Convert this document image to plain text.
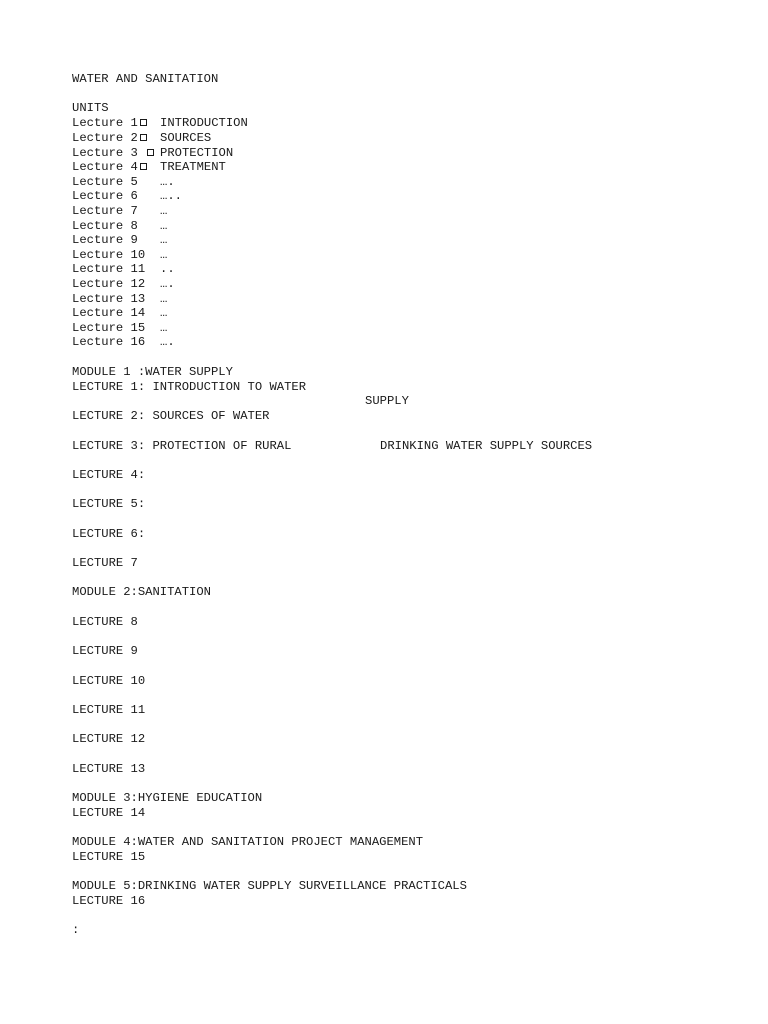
WATER AND SANITATION
UNITS
Lecture 1 INTRODUCTION
Lecture 2 SOURCES
Lecture 3 PROTECTION
Lecture 4 TREATMENT
Lecture 5 ….
Lecture 6 …..
Lecture 7 …
Lecture 8 …
Lecture 9 …
Lecture 10 …
Lecture 11 ..
Lecture 12 ….
Lecture 13 …
Lecture 14 …
Lecture 15 …
Lecture 16 ….
MODULE 1 :WATER SUPPLY
LECTURE 1: INTRODUCTION TO WATER
SUPPLY
LECTURE 2: SOURCES OF WATER
LECTURE 3: PROTECTION OF RURAL	DRINKING WATER SUPPLY SOURCES
LECTURE 4:
LECTURE 5:
LECTURE 6:
LECTURE 7
MODULE 2:SANITATION
LECTURE 8
LECTURE 9
LECTURE 10
LECTURE 11
LECTURE 12
LECTURE 13
MODULE 3:HYGIENE EDUCATION
LECTURE 14
MODULE 4:WATER AND SANITATION PROJECT MANAGEMENT
LECTURE 15
MODULE 5:DRINKING WATER SUPPLY SURVEILLANCE PRACTICALS
LECTURE 16
:
